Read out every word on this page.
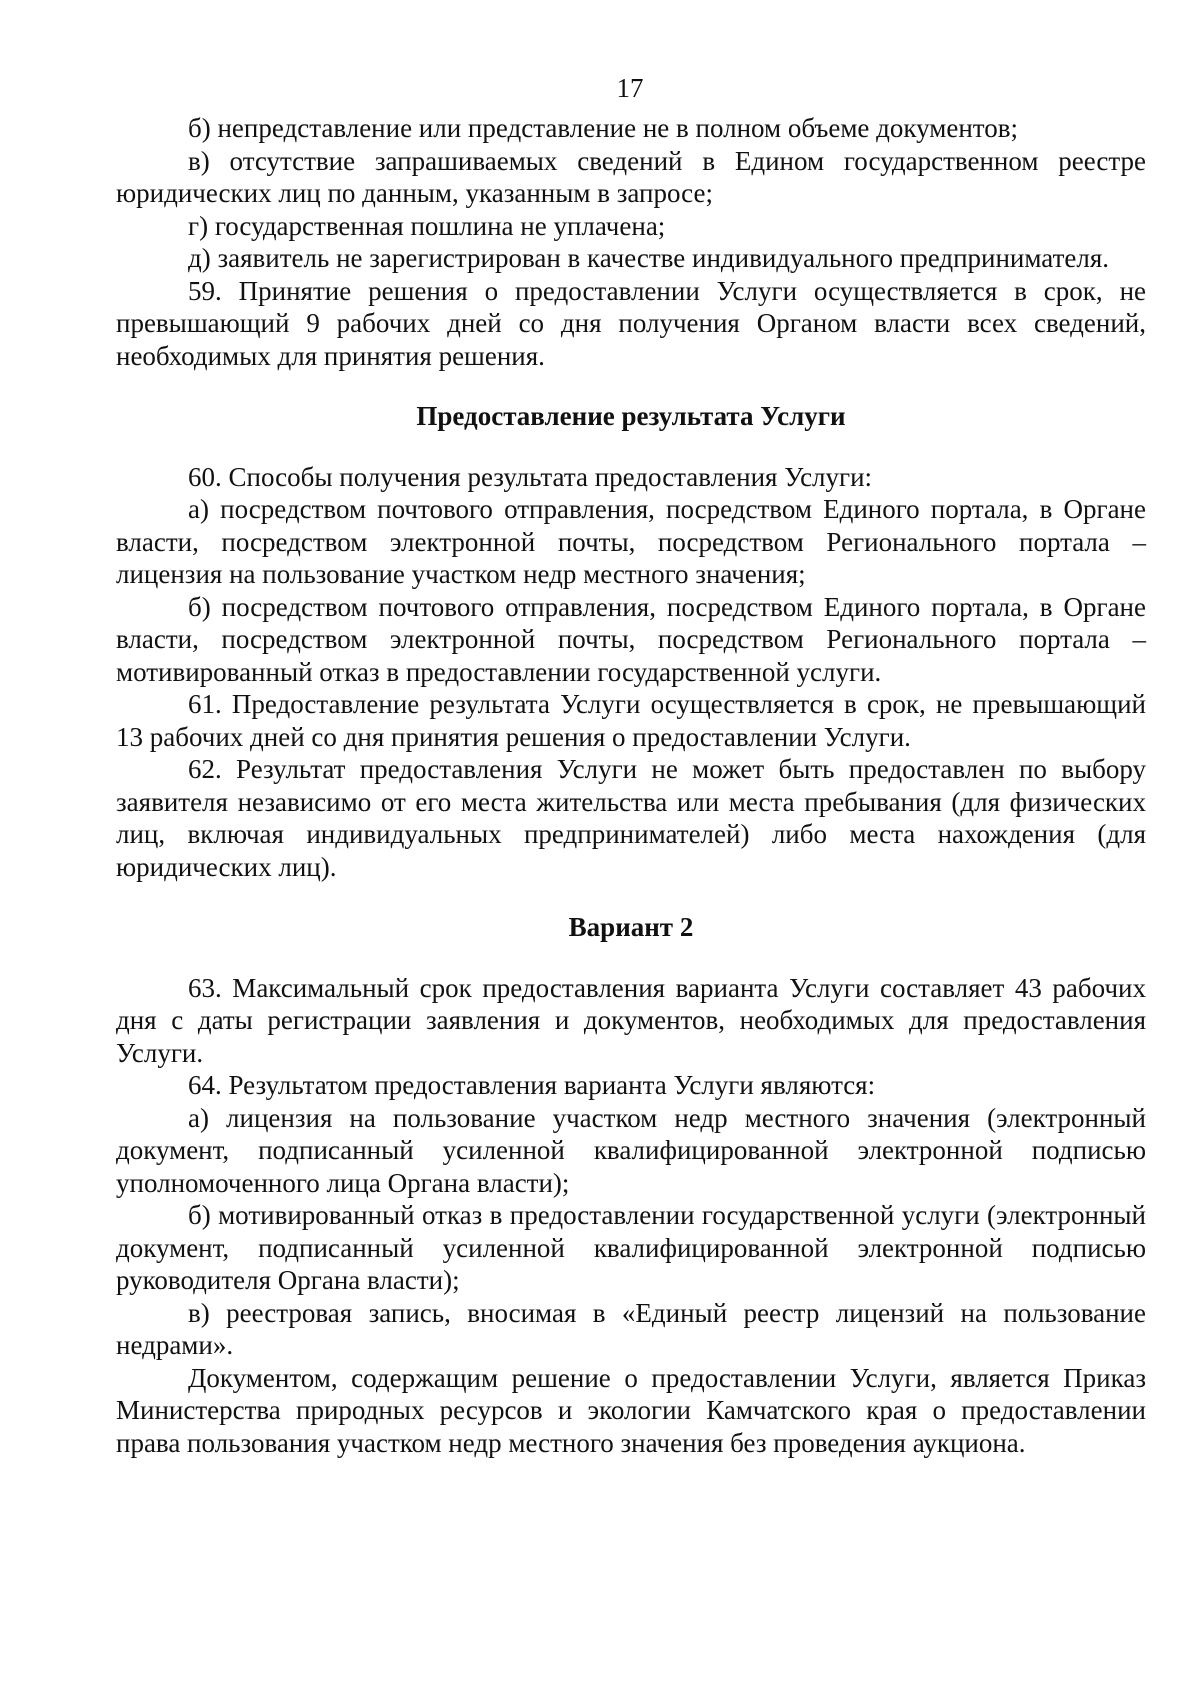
17

б) непредставление или представление не в полном объеме документов;

в) отсутствие запрашиваемых сведений в Едином государственном реестре юридических лиц по данным, указанным в запросе;

г) государственная пошлина не уплачена;

д) заявитель не зарегистрирован в качестве индивидуального предпринимателя.

59. Принятие решения о предоставлении Услуги осуществляется в срок, не превышающий 9 рабочих дней со дня получения Органом власти всех сведений, необходимых для принятия решения.

Предоставление результата Услуги

60. Способы получения результата предоставления Услуги:

а) посредством почтового отправления, посредством Единого портала, в Органе власти, посредством электронной почты, посредством Регионального портала – лицензия на пользование участком недр местного значения;

б) посредством почтового отправления, посредством Единого портала, в Органе власти, посредством электронной почты, посредством Регионального портала – мотивированный отказ в предоставлении государственной услуги.

61. Предоставление результата Услуги осуществляется в срок, не превышающий 13 рабочих дней со дня принятия решения о предоставлении Услуги.

62. Результат предоставления Услуги не может быть предоставлен по выбору заявителя независимо от его места жительства или места пребывания (для физических лиц, включая индивидуальных предпринимателей) либо места нахождения (для юридических лиц).

Вариант 2

63. Максимальный срок предоставления варианта Услуги составляет 43 рабочих дня с даты регистрации заявления и документов, необходимых для предоставления Услуги.

64. Результатом предоставления варианта Услуги являются:

а) лицензия на пользование участком недр местного значения (электронный документ, подписанный усиленной квалифицированной электронной подписью уполномоченного лица Органа власти);

б) мотивированный отказ в предоставлении государственной услуги (электронный документ, подписанный усиленной квалифицированной электронной подписью руководителя Органа власти);

в) реестровая запись, вносимая в «Единый реестр лицензий на пользование недрами».

Документом, содержащим решение о предоставлении Услуги, является Приказ Министерства природных ресурсов и экологии Камчатского края о предоставлении права пользования участком недр местного значения без проведения аукциона.
